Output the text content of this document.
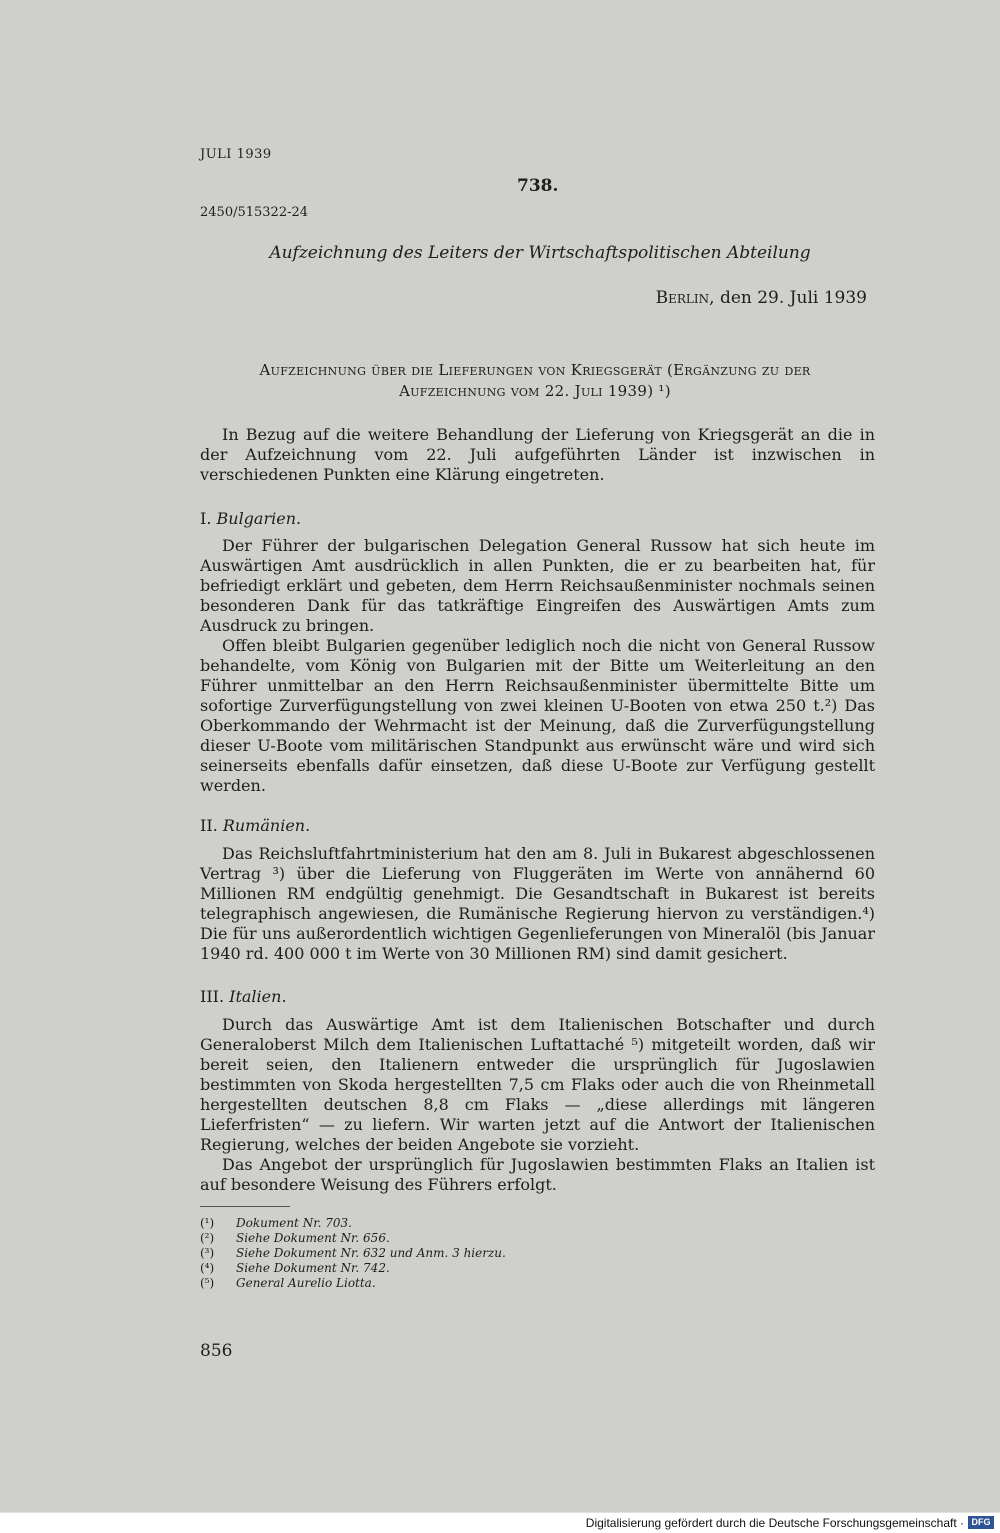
JULI 1939
738.
2450/515322-24
Aufzeichnung des Leiters der Wirtschaftspolitischen Abteilung
Berlin, den 29. Juli 1939
Aufzeichnung über die Lieferungen von Kriegsgerät (Ergänzung zu der
Aufzeichnung vom 22. Juli 1939) ¹)

In Bezug auf die weitere Behandlung der Lieferung von Kriegsgerät an die in der Aufzeichnung vom 22. Juli aufgeführten Länder ist inzwischen in verschiedenen Punkten eine Klärung eingetreten.

I. Bulgarien.

Der Führer der bulgarischen Delegation General Russow hat sich heute im Auswärtigen Amt ausdrücklich in allen Punkten, die er zu bearbeiten hat, für befriedigt erklärt und gebeten, dem Herrn Reichsaußenminister nochmals seinen besonderen Dank für das tatkräftige Eingreifen des Auswärtigen Amts zum Ausdruck zu bringen.

Offen bleibt Bulgarien gegenüber lediglich noch die nicht von General Russow behandelte, vom König von Bulgarien mit der Bitte um Weiterleitung an den Führer unmittelbar an den Herrn Reichsaußenminister übermittelte Bitte um sofortige Zurverfügungstellung von zwei kleinen U-Booten von etwa 250 t.²) Das Oberkommando der Wehrmacht ist der Meinung, daß die Zurverfügungstellung dieser U-Boote vom militärischen Standpunkt aus erwünscht wäre und wird sich seinerseits ebenfalls dafür einsetzen, daß diese U-Boote zur Verfügung gestellt werden.

II. Rumänien.

Das Reichsluftfahrtministerium hat den am 8. Juli in Bukarest abgeschlossenen Vertrag ³) über die Lieferung von Fluggeräten im Werte von annähernd 60 Millionen RM endgültig genehmigt. Die Gesandtschaft in Bukarest ist bereits telegraphisch angewiesen, die Rumänische Regierung hiervon zu verständigen.⁴) Die für uns außerordentlich wichtigen Gegenlieferungen von Mineralöl (bis Januar 1940 rd. 400 000 t im Werte von 30 Millionen RM) sind damit gesichert.

III. Italien.

Durch das Auswärtige Amt ist dem Italienischen Botschafter und durch Generaloberst Milch dem Italienischen Luftattaché ⁵) mitgeteilt worden, daß wir bereit seien, den Italienern entweder die ursprünglich für Jugoslawien bestimmten von Skoda hergestellten 7,5 cm Flaks oder auch die von Rheinmetall hergestellten deutschen 8,8 cm Flaks — „diese allerdings mit längeren Lieferfristen“ — zu liefern. Wir warten jetzt auf die Antwort der Italienischen Regierung, welches der beiden Angebote sie vorzieht.

Das Angebot der ursprünglich für Jugoslawien bestimmten Flaks an Italien ist auf besondere Weisung des Führers erfolgt.

(¹)	Dokument Nr. 703.
(²)	Siehe Dokument Nr. 656.
(³)	Siehe Dokument Nr. 632 und Anm. 3 hierzu.
(⁴)	Siehe Dokument Nr. 742.
(⁵)	General Aurelio Liotta.
856
Digitalisierung gefördert durch die Deutsche Forschungsgemeinschaft · DFG
